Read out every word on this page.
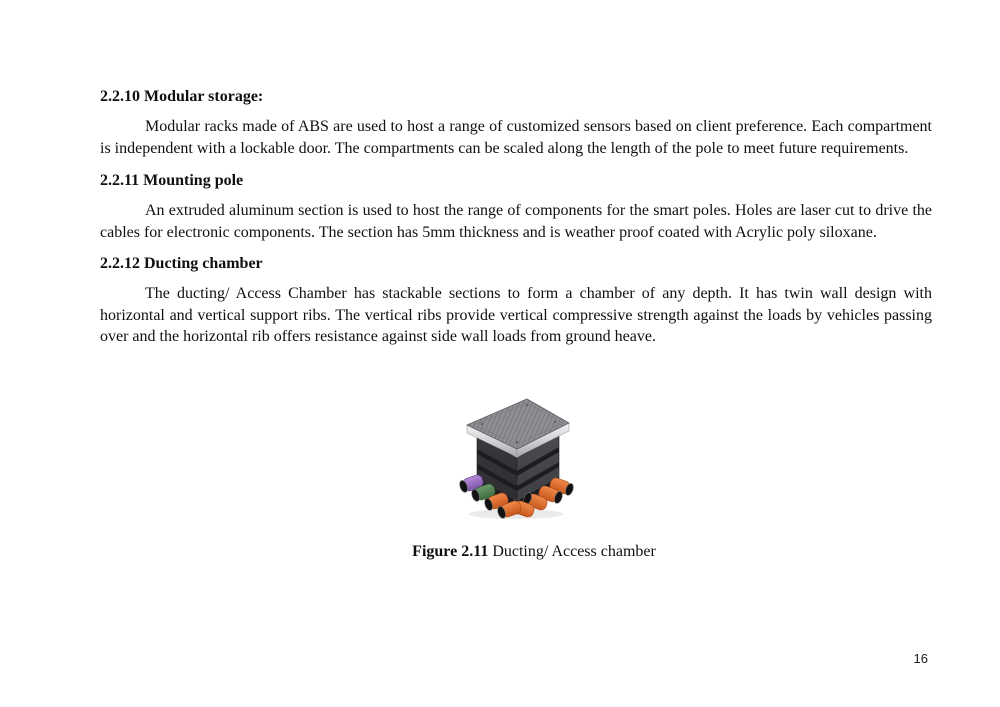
2.2.10 Modular storage:

Modular racks made of ABS are used to host a range of customized sensors based on client preference. Each compartment is independent with a lockable door. The compartments can be scaled along the length of the pole to meet future requirements.

2.2.11 Mounting pole

An extruded aluminum section is used to host the range of components for the smart poles. Holes are laser cut to drive the cables for electronic components. The section has 5mm thickness and is weather proof coated with Acrylic poly siloxane.

2.2.12 Ducting chamber

The ducting/ Access Chamber has stackable sections to form a chamber of any depth. It has twin wall design with horizontal and vertical support ribs. The vertical ribs provide vertical compressive strength against the loads by vehicles passing over and the horizontal rib offers resistance against side wall loads from ground heave.

Figure 2.11 Ducting/ Access chamber

16
